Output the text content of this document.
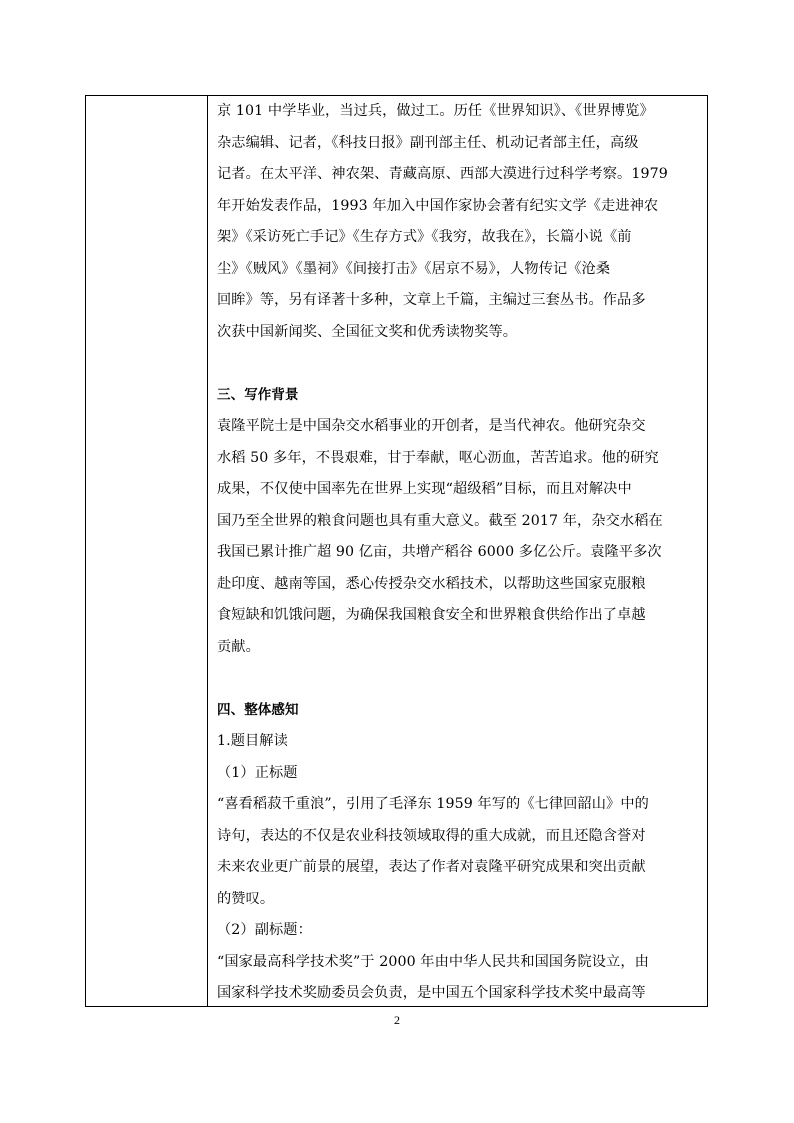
京 101 中学毕业，当过兵，做过工。历任《世界知识》、《世界博览》
杂志编辑、记者，《科技日报》副刊部主任、机动记者部主任，高级
记者。在太平洋、神农架、青藏高原、西部大漠进行过科学考察。1979
年开始发表作品，1993 年加入中国作家协会著有纪实文学《走进神农
架》《采访死亡手记》《生存方式》《我穷，故我在》，长篇小说《前
尘》《贼风》《墨祠》《间接打击》《居京不易》，人物传记《沧桑
回眸》等，另有译著十多种，文章上千篇，主编过三套丛书。作品多
次获中国新闻奖、全国征文奖和优秀读物奖等。
三、写作背景
袁隆平院士是中国杂交水稻事业的开创者，是当代神农。他研究杂交
水稻 50 多年，不畏艰难，甘于奉献，呕心沥血，苦苦追求。他的研究
成果，不仅使中国率先在世界上实现“超级稻”目标，而且对解决中
国乃至全世界的粮食问题也具有重大意义。截至 2017 年，杂交水稻在
我国已累计推广超 90 亿亩，共增产稻谷 6000 多亿公斤。袁隆平多次
赴印度、越南等国，悉心传授杂交水稻技术，以帮助这些国家克服粮
食短缺和饥饿问题，为确保我国粮食安全和世界粮食供给作出了卓越
贡献。
四、整体感知
1.题目解读
（1）正标题
“喜看稻菽千重浪”，引用了毛泽东 1959 年写的《七律回韶山》中的
诗句，表达的不仅是农业科技领域取得的重大成就，而且还隐含誉对
未来农业更广前景的展望，表达了作者对袁隆平研究成果和突出贡献
的赞叹。
（2）副标题：
“国家最高科学技术奖”于 2000 年由中华人民共和国国务院设立，由
国家科学技术奖励委员会负责，是中国五个国家科学技术奖中最高等
2
